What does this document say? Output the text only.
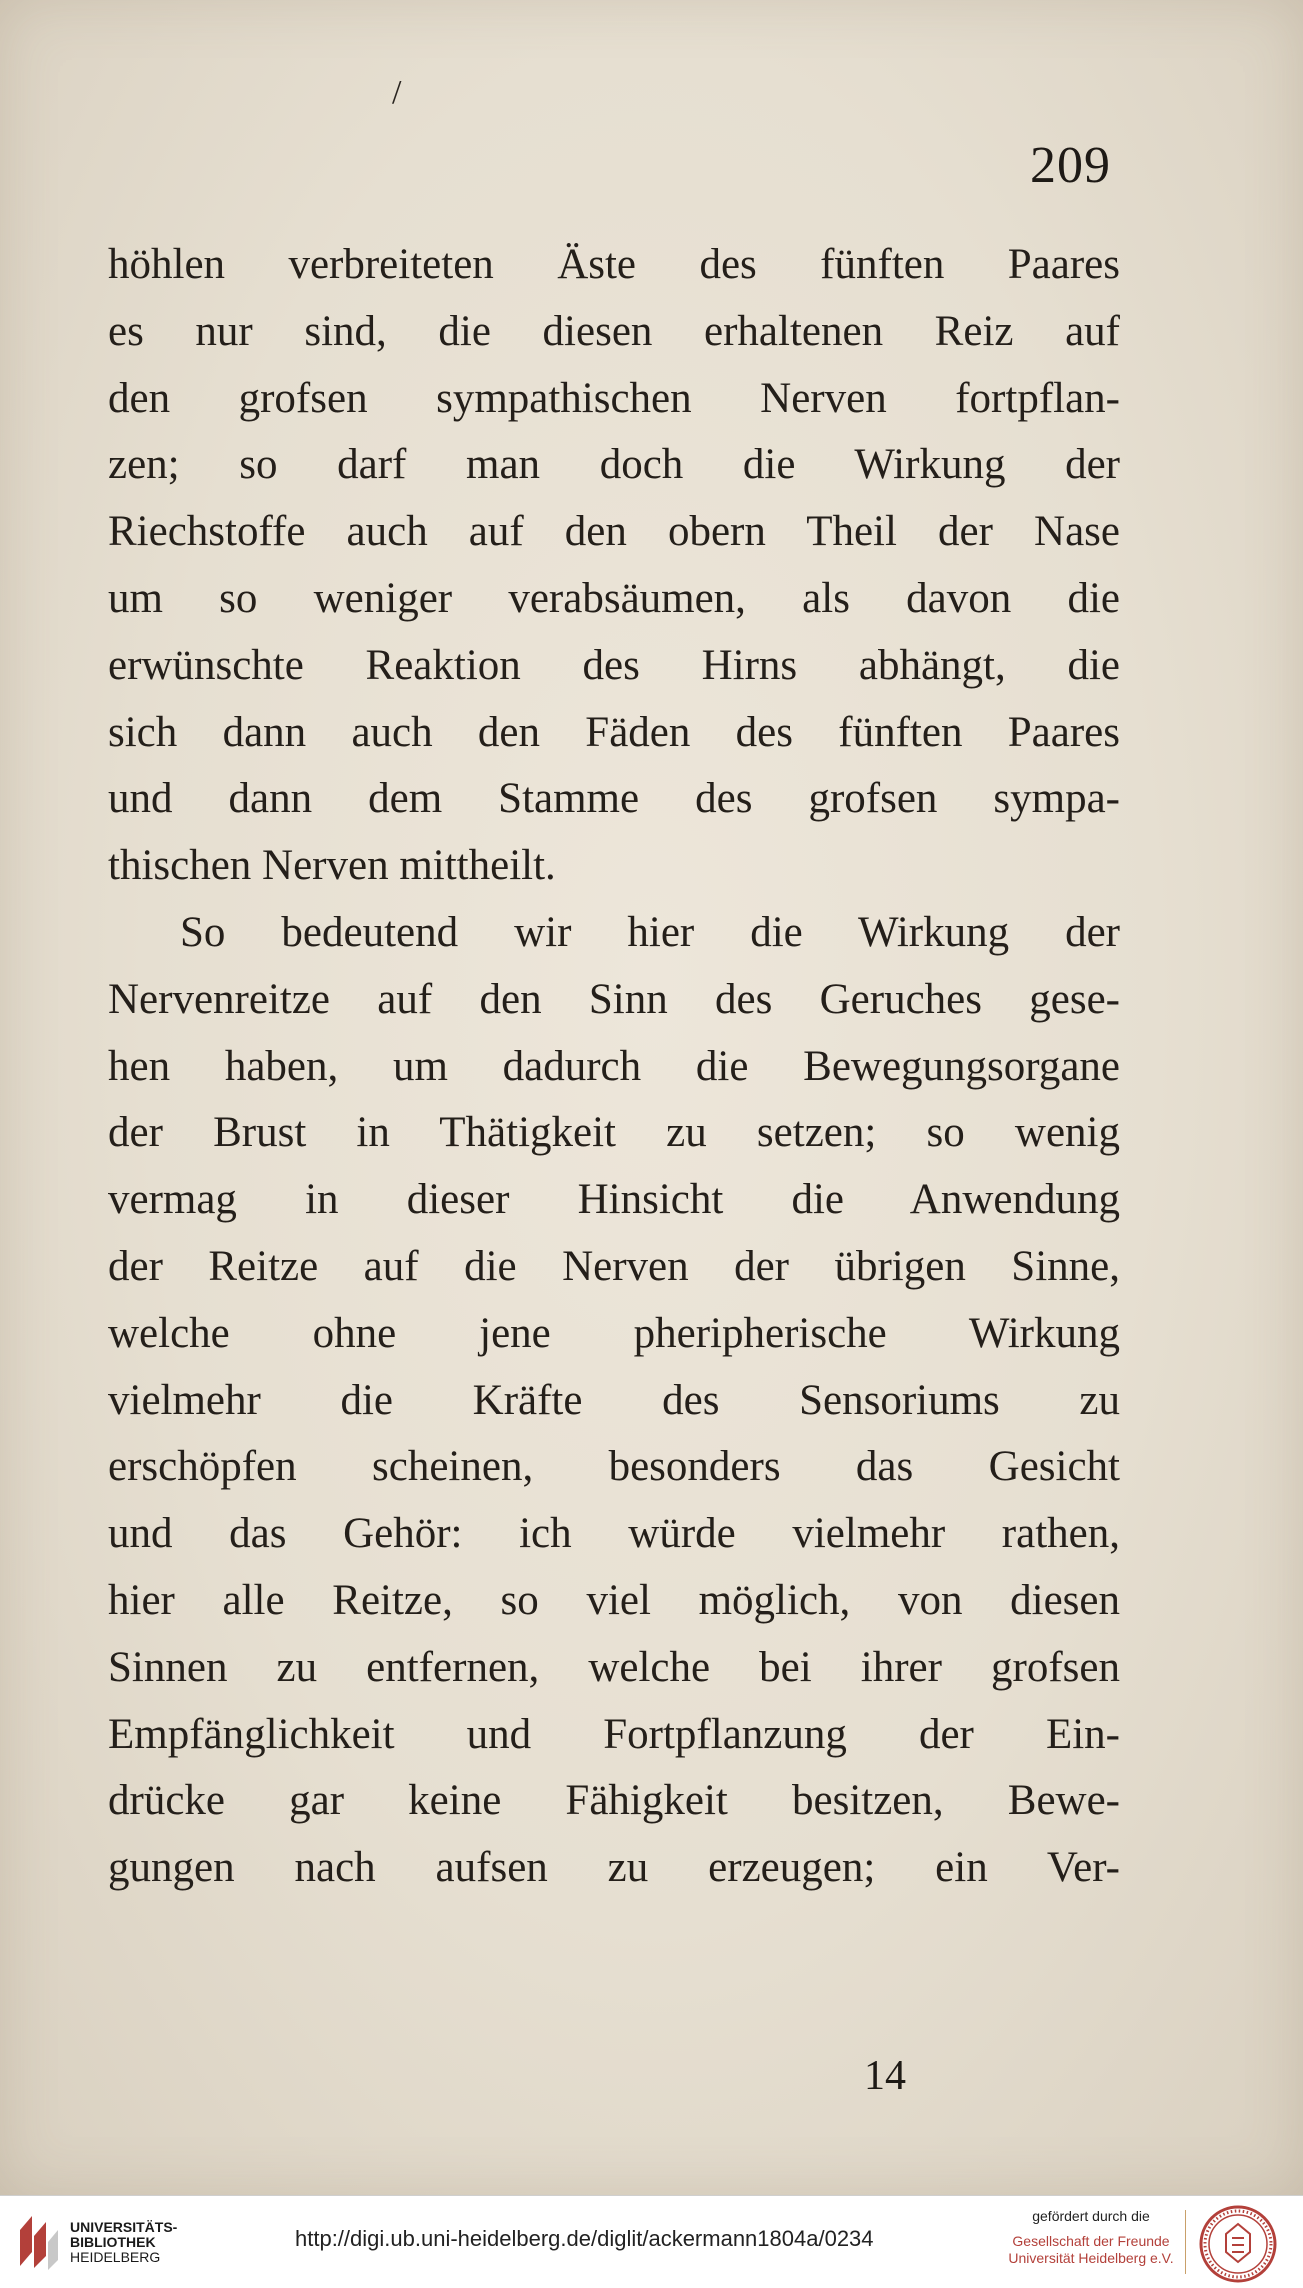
/
209
höhlen verbreiteten Äste des fünften Paares
es nur sind, die diesen erhaltenen Reiz auf
den grofsen sympathischen Nerven fortpflan-
zen; so darf man doch die Wirkung der
Riechstoffe auch auf den obern Theil der Nase
um so weniger verabsäumen, als davon die
erwünschte Reaktion des Hirns abhängt, die
sich dann auch den Fäden des fünften Paares
und dann dem Stamme des grofsen sympa-
thischen Nerven mittheilt.
So bedeutend wir hier die Wirkung der
Nervenreitze auf den Sinn des Geruches gese-
hen haben, um dadurch die Bewegungsorgane
der Brust in Thätigkeit zu setzen; so wenig
vermag in dieser Hinsicht die Anwendung
der Reitze auf die Nerven der übrigen Sinne,
welche ohne jene pheripherische Wirkung
vielmehr die Kräfte des Sensoriums zu
erschöpfen scheinen, besonders das Gesicht
und das Gehör: ich würde vielmehr rathen,
hier alle Reitze, so viel möglich, von diesen
Sinnen zu entfernen, welche bei ihrer grofsen
Empfänglichkeit und Fortpflanzung der Ein-
drücke gar keine Fähigkeit besitzen, Bewe-
gungen nach aufsen zu erzeugen; ein Ver-
14
UNIVERSITÄTS-
BIBLIOTHEK
HEIDELBERG
http://digi.ub.uni-heidelberg.de/diglit/ackermann1804a/0234
gefördert durch die
Gesellschaft der Freunde
Universität Heidelberg e.V.
